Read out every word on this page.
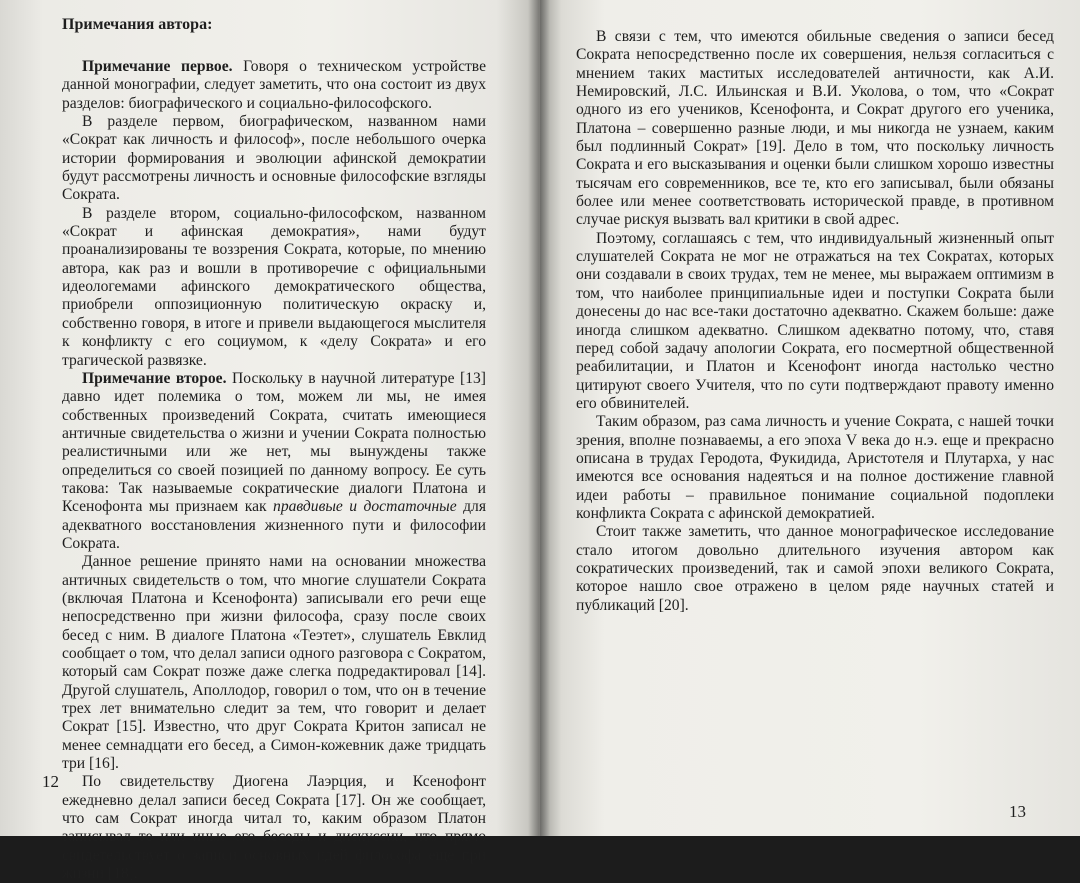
Примечания автора:

Примечание первое. Говоря о техническом устройстве данной монографии, следует заметить, что она состоит из двух разделов: биографического и социально-философского.

В разделе первом, биографическом, названном нами «Сократ как личность и философ», после небольшого очерка истории формирования и эволюции афинской демократии будут рассмотрены личность и основные философские взгляды Сократа.

В разделе втором, социально-философском, названном «Сократ и афинская демократия», нами будут проанализированы те воззрения Сократа, которые, по мнению автора, как раз и вошли в противоречие с официальными идеологемами афинского демократического общества, приобрели оппозиционную политическую окраску и, собственно говоря, в итоге и привели выдающегося мыслителя к конфликту с его социумом, к «делу Сократа» и его трагической развязке.

Примечание второе. Поскольку в научной литературе [13] давно идет полемика о том, можем ли мы, не имея собственных произведений Сократа, считать имеющиеся античные свидетельства о жизни и учении Сократа полностью реалистичными или же нет, мы вынуждены также определиться со своей позицией по данному вопросу. Ее суть такова: Так называемые сократические диалоги Платона и Ксенофонта мы признаем как правдивые и достаточные для адекватного восстановления жизненного пути и философии Сократа.

Данное решение принято нами на основании множества античных свидетельств о том, что многие слушатели Сократа (включая Платона и Ксенофонта) записывали его речи еще непосредственно при жизни философа, сразу после своих бесед с ним. В диалоге Платона «Теэтет», слушатель Евклид сообщает о том, что делал записи одного разговора с Сократом, который сам Сократ позже даже слегка подредактировал [14]. Другой слушатель, Аполлодор, говорил о том, что он в течение трех лет внимательно следит за тем, что говорит и делает Сократ [15]. Известно, что друг Сократа Критон записал не менее семнадцати его бесед, а Симон-кожевник даже тридцать три [16].

По свидетельству Диогена Лаэрция, и Ксенофонт ежедневно делал записи бесед Сократа [17]. Он же сообщает, что сам Сократ иногда читал то, каким образом Платон записывал те или иные его беседы и дискуссии, что прямо свидетельствует о записи основных идей философа еще при жизни [18].

12

В связи с тем, что имеются обильные сведения о записи бесед Сократа непосредственно после их совершения, нельзя согласиться с мнением таких маститых исследователей античности, как А.И. Немировский, Л.С. Ильинская и В.И. Уколова, о том, что «Сократ одного из его учеников, Ксенофонта, и Сократ другого его ученика, Платона – совершенно разные люди, и мы никогда не узнаем, каким был подлинный Сократ» [19]. Дело в том, что поскольку личность Сократа и его высказывания и оценки были слишком хорошо известны тысячам его современников, все те, кто его записывал, были обязаны более или менее соответствовать исторической правде, в противном случае рискуя вызвать вал критики в свой адрес.

Поэтому, соглашаясь с тем, что индивидуальный жизненный опыт слушателей Сократа не мог не отражаться на тех Сократах, которых они создавали в своих трудах, тем не менее, мы выражаем оптимизм в том, что наиболее принципиальные идеи и поступки Сократа были донесены до нас все-таки достаточно адекватно. Скажем больше: даже иногда слишком адекватно. Слишком адекватно потому, что, ставя перед собой задачу апологии Сократа, его посмертной общественной реабилитации, и Платон и Ксенофонт иногда настолько честно цитируют своего Учителя, что по сути подтверждают правоту именно его обвинителей.

Таким образом, раз сама личность и учение Сократа, с нашей точки зрения, вполне познаваемы, а его эпоха V века до н.э. еще и прекрасно описана в трудах Геродота, Фукидида, Аристотеля и Плутарха, у нас имеются все основания надеяться и на полное достижение главной идеи работы – правильное понимание социальной подоплеки конфликта Сократа с афинской демократией.

Стоит также заметить, что данное монографическое исследование стало итогом довольно длительного изучения автором как сократических произведений, так и самой эпохи великого Сократа, которое нашло свое отражено в целом ряде научных статей и публикаций [20].

13
